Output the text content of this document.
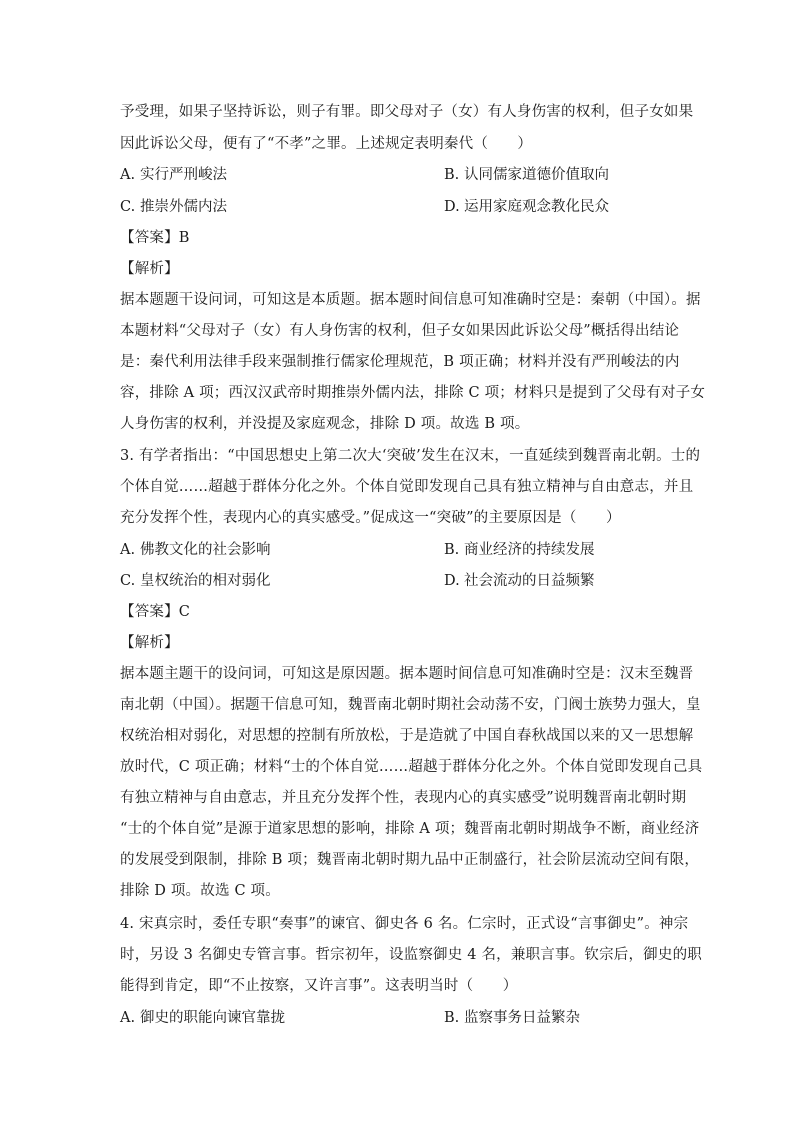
予受理，如果子坚持诉讼，则子有罪。即父母对子（女）有人身伤害的权利，但子女如果
因此诉讼父母，便有了“不孝”之罪。上述规定表明秦代（　　）
A. 实行严刑峻法	B. 认同儒家道德价值取向
C. 推崇外儒内法	D. 运用家庭观念教化民众
【答案】B
【解析】
据本题题干设问词，可知这是本质题。据本题时间信息可知准确时空是：秦朝（中国）。据
本题材料“父母对子（女）有人身伤害的权利，但子女如果因此诉讼父母”概括得出结论
是：秦代利用法律手段来强制推行儒家伦理规范，B 项正确；材料并没有严刑峻法的内
容，排除 A 项；西汉汉武帝时期推崇外儒内法，排除 C 项；材料只是提到了父母有对子女
人身伤害的权利，并没提及家庭观念，排除 D 项。故选 B 项。
3. 有学者指出：“中国思想史上第二次大‘突破’发生在汉末，一直延续到魏晋南北朝。士的
个体自觉……超越于群体分化之外。个体自觉即发现自己具有独立精神与自由意志，并且
充分发挥个性，表现内心的真实感受。”促成这一“突破”的主要原因是（　　）
A. 佛教文化的社会影响	B. 商业经济的持续发展
C. 皇权统治的相对弱化	D. 社会流动的日益频繁
【答案】C
【解析】
据本题主题干的设问词，可知这是原因题。据本题时间信息可知准确时空是：汉末至魏晋
南北朝（中国）。据题干信息可知，魏晋南北朝时期社会动荡不安，门阀士族势力强大，皇
权统治相对弱化，对思想的控制有所放松，于是造就了中国自春秋战国以来的又一思想解
放时代，C 项正确；材料“士的个体自觉……超越于群体分化之外。个体自觉即发现自己具
有独立精神与自由意志，并且充分发挥个性，表现内心的真实感受”说明魏晋南北朝时期
“士的个体自觉”是源于道家思想的影响，排除 A 项；魏晋南北朝时期战争不断，商业经济
的发展受到限制，排除 B 项；魏晋南北朝时期九品中正制盛行，社会阶层流动空间有限，
排除 D 项。故选 C 项。
4. 宋真宗时，委任专职“奏事”的谏官、御史各 6 名。仁宗时，正式设“言事御史”。神宗
时，另设 3 名御史专管言事。哲宗初年，设监察御史 4 名，兼职言事。钦宗后，御史的职
能得到肯定，即“不止按察，又许言事”。这表明当时（　　）
A. 御史的职能向谏官靠拢	B. 监察事务日益繁杂
